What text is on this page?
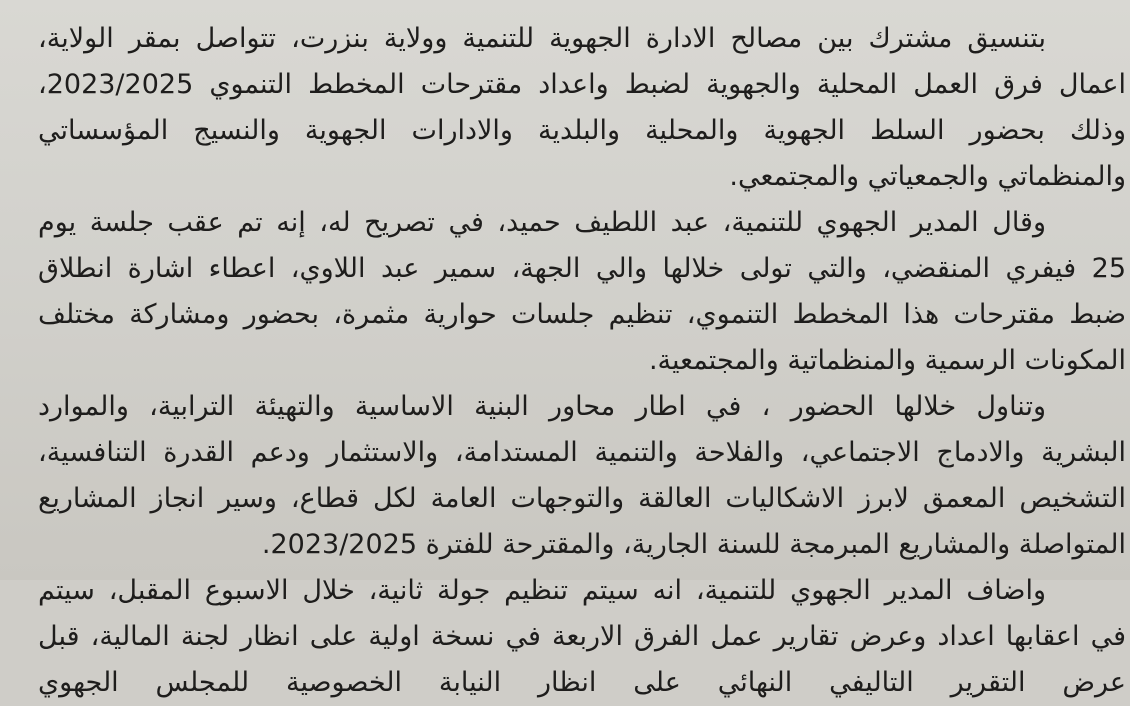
بتنسيق مشترك بين مصالح الادارة الجهوية للتنمية وولاية بنزرت، تتواصل بمقر الولاية،
اعمال فرق العمل المحلية والجهوية لضبط واعداد مقترحات المخطط التنموي 2023/2025،
وذلك بحضور السلط الجهوية والمحلية والبلدية والادارات الجهوية والنسيج المؤسساتي
والمنظماتي والجمعياتي والمجتمعي.
وقال المدير الجهوي للتنمية، عبد اللطيف حميد، في تصريح له، إنه تم عقب جلسة يوم
25 فيفري المنقضي، والتي تولى خلالها والي الجهة، سمير عبد اللاوي، اعطاء اشارة انطلاق
ضبط مقترحات هذا المخطط التنموي، تنظيم جلسات حوارية مثمرة، بحضور ومشاركة مختلف
المكونات الرسمية والمنظماتية والمجتمعية.
وتناول خلالها الحضور ، في اطار محاور البنية الاساسية والتهيئة الترابية، والموارد
البشرية والادماج الاجتماعي، والفلاحة والتنمية المستدامة، والاستثمار ودعم القدرة التنافسية،
التشخيص المعمق لابرز الاشكاليات العالقة والتوجهات العامة لكل قطاع، وسير انجاز المشاريع
المتواصلة والمشاريع المبرمجة للسنة الجارية، والمقترحة للفترة 2023/2025.
واضاف المدير الجهوي للتنمية، انه سيتم تنظيم جولة ثانية، خلال الاسبوع المقبل، سيتم
في اعقابها اعداد وعرض تقارير عمل الفرق الاربعة في نسخة اولية على انظار لجنة المالية، قبل
عرض التقرير التاليفي النهائي على انظار النيابة الخصوصية للمجلس الجهوي
